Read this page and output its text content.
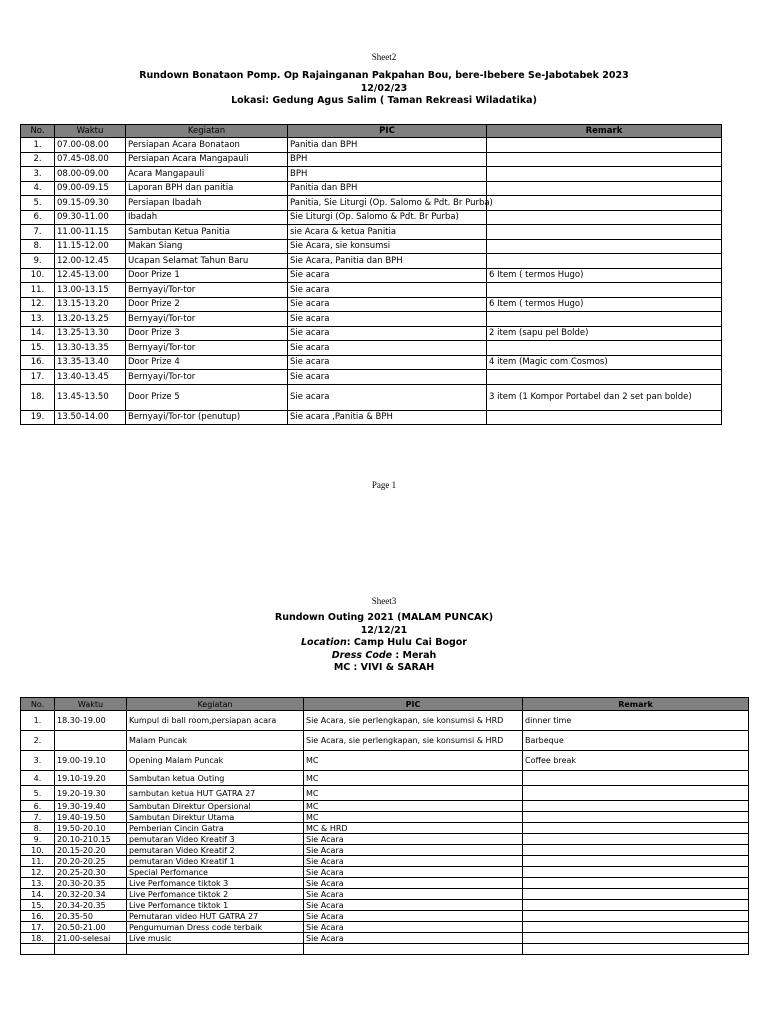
Sheet2
Rundown Bonataon Pomp. Op Rajainganan Pakpahan Bou, bere-Ibebere Se-Jabotabek 2023
12/02/23
Lokasi: Gedung Agus Salim ( Taman Rekreasi Wiladatika)
No.	Waktu	Kegiatan	PIC	Remark
1.	07.00-08.00	Persiapan Acara Bonataon	Panitia dan BPH	
2.	07.45-08.00	Persiapan Acara Mangapauli	BPH	
3.	08.00-09.00	Acara Mangapauli	BPH	
4.	09.00-09.15	Laporan BPH dan panitia	Panitia dan BPH	
5.	09.15-09.30	Persiapan Ibadah	Panitia, Sie Liturgi (Op. Salomo & Pdt. Br Purba)	
6.	09.30-11.00	Ibadah	Sie Liturgi (Op. Salomo & Pdt. Br Purba)	
7.	11.00-11.15	Sambutan Ketua Panitia	sie Acara & ketua Panitia	
8.	11.15-12.00	Makan Siang	Sie Acara, sie konsumsi	
9.	12.00-12.45	Ucapan Selamat Tahun Baru	Sie Acara, Panitia dan BPH	
10.	12.45-13.00	Door Prize 1	Sie acara	6 Item ( termos Hugo)
11.	13.00-13.15	Bernyayi/Tor-tor	Sie acara	
12.	13.15-13.20	Door Prize 2	Sie acara	6 Item ( termos Hugo)
13.	13.20-13.25	Bernyayi/Tor-tor	Sie acara	
14.	13.25-13.30	Door Prize 3	Sie acara	2 item (sapu pel Bolde)
15.	13.30-13.35	Bernyayi/Tor-tor	Sie acara	
16.	13.35-13.40	Door Prize 4	Sie acara	4 item (Magic com Cosmos)
17.	13.40-13.45	Bernyayi/Tor-tor	Sie acara	
18.	13.45-13.50	Door Prize 5	Sie acara	3 item (1 Kompor Portabel dan 2 set pan bolde)
19.	13.50-14.00	Bernyayi/Tor-tor (penutup)	Sie acara ,Panitia & BPH	
Page 1
Sheet3
Rundown Outing 2021 (MALAM PUNCAK)
12/12/21
Location: Camp Hulu Cai Bogor
Dress Code : Merah
MC : VIVI & SARAH
No.	Waktu	Kegiatan	PIC	Remark
1.	18.30-19.00	Kumpul di ball room,persiapan acara	Sie Acara, sie perlengkapan, sie konsumsi & HRD	dinner time
2.		Malam Puncak	Sie Acara, sie perlengkapan, sie konsumsi & HRD	Barbeque
3.	19.00-19.10	Opening Malam Puncak	MC	Coffee break
4.	19.10-19.20	Sambutan ketua Outing	MC	
5.	19.20-19.30	sambutan ketua HUT GATRA 27	MC	
6.	19.30-19.40	Sambutan Direktur Opersional	MC	
7.	19.40-19.50	Sambutan Direktur Utama	MC	
8.	19.50-20.10	Pemberian Cincin Gatra	MC & HRD	
9.	20.10-210.15	pemutaran Video Kreatif 3	Sie Acara	
10.	20.15-20.20	pemutaran Video Kreatif 2	Sie Acara	
11.	20.20-20.25	pemutaran Video Kreatif 1	Sie Acara	
12.	20.25-20.30	Special Perfomance	Sie Acara	
13.	20.30-20.35	Live Perfomance tiktok 3	Sie Acara	
14.	20.32-20.34	Live Perfomance tiktok 2	Sie Acara	
15.	20.34-20.35	Live Perfomance tiktok 1	Sie Acara	
16.	20.35-50	Pemutaran video HUT GATRA 27	Sie Acara	
17.	20.50-21.00	Pengumuman Dress code terbaik	Sie Acara	
18.	21.00-selesai	Live music	Sie Acara	
